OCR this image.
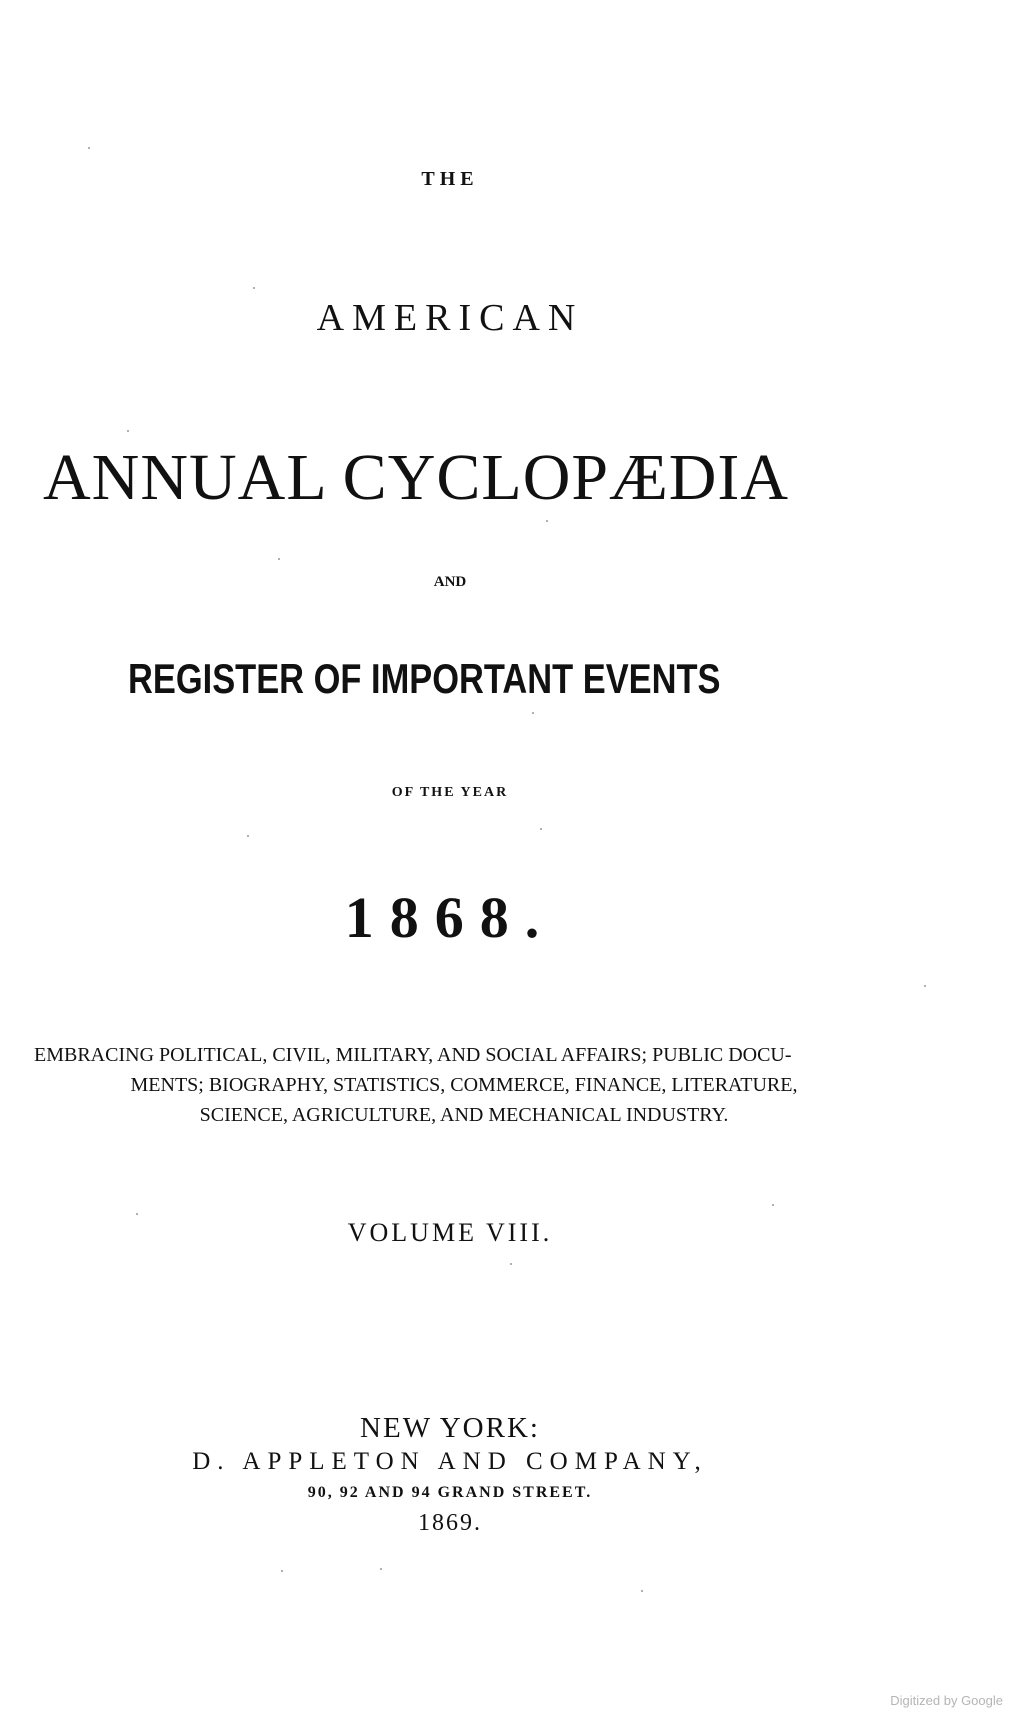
THE
AMERICAN
ANNUAL CYCLOPÆDIA
AND
REGISTER OF IMPORTANT EVENTS
OF THE YEAR
1868.
EMBRACING POLITICAL, CIVIL, MILITARY, AND SOCIAL AFFAIRS; PUBLIC DOCU-
MENTS; BIOGRAPHY, STATISTICS, COMMERCE, FINANCE, LITERATURE,
SCIENCE, AGRICULTURE, AND MECHANICAL INDUSTRY.
VOLUME VIII.
NEW YORK:
D. APPLETON AND COMPANY,
90, 92 AND 94 GRAND STREET.
1869.
Digitized by Google
